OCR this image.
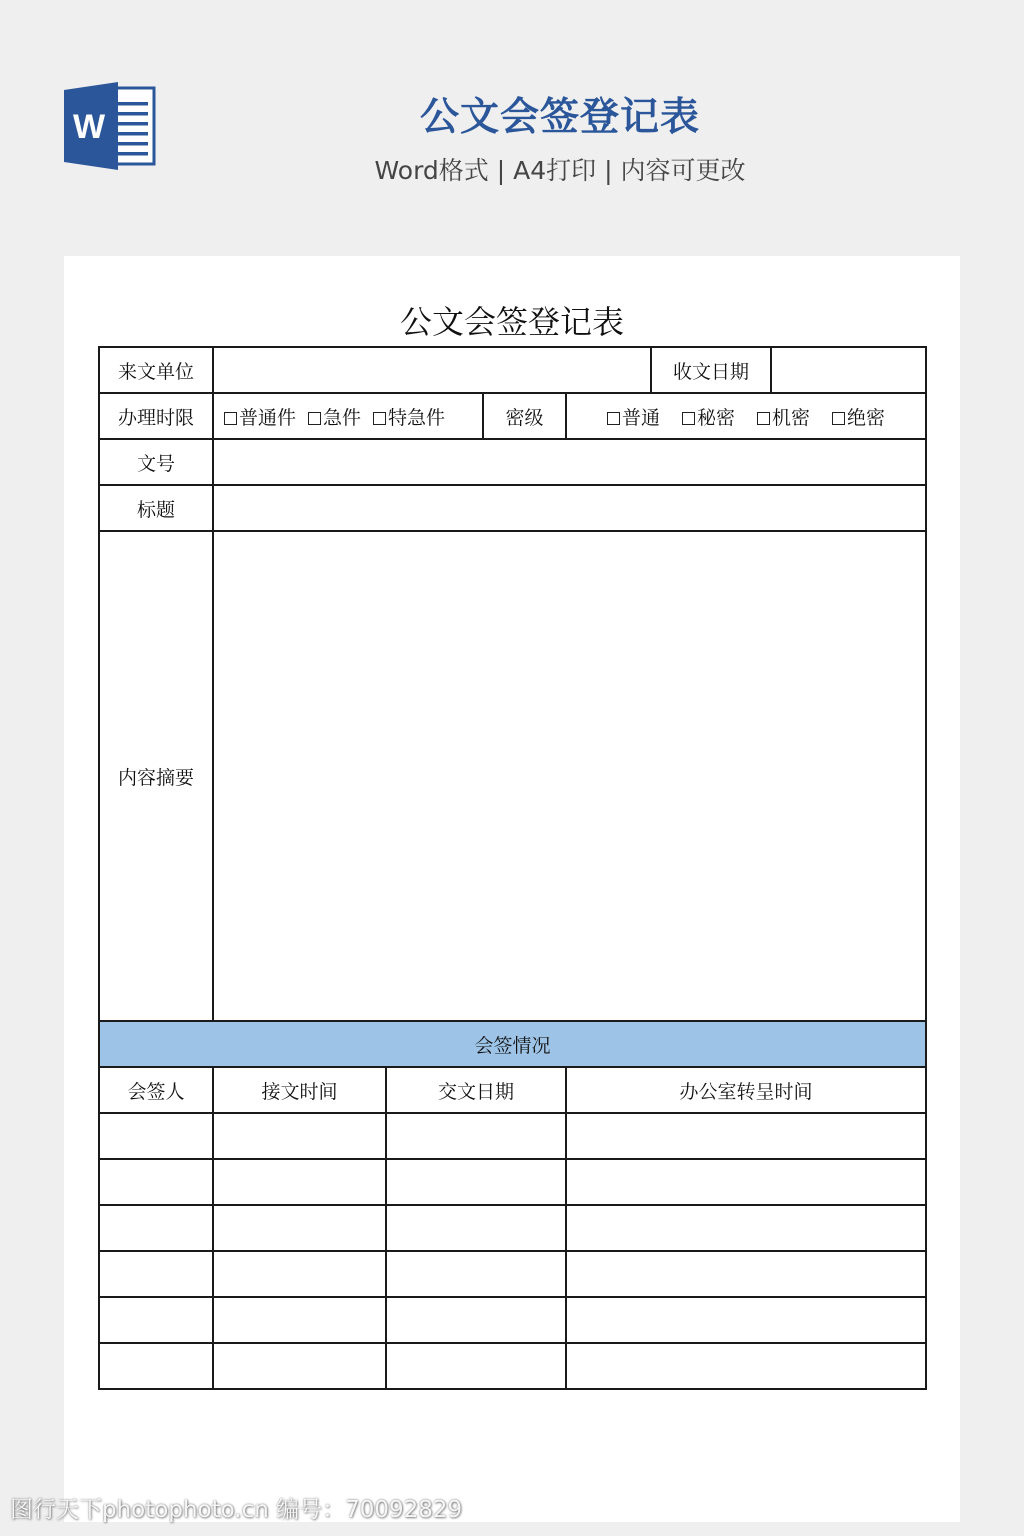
W	公文会签登记表
Word格式 | A4打印 | 内容可更改
公文会签登记表
来文单位					收文日期	
办理时限	普通件 急件 特急件		密级	普通 秘密 机密 绝密		
文号						
标题						
内容摘要						
会签情况						
会签人	接文时间	交文日期		办公室转呈时间		

图行天下photophoto.cn 编号：70092829
